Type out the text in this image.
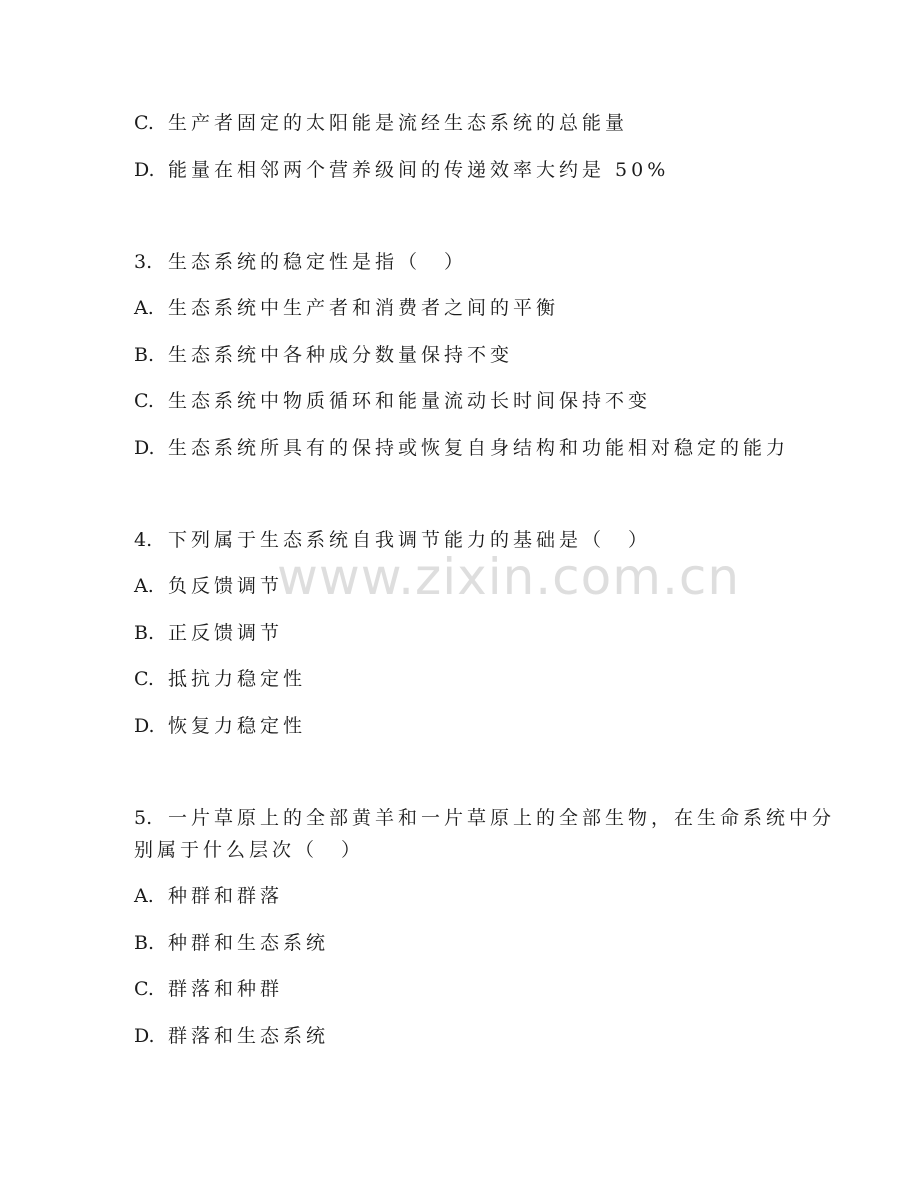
C. 生产者固定的太阳能是流经生态系统的总能量
D. 能量在相邻两个营养级间的传递效率大约是 50%
3. 生态系统的稳定性是指（　）
A. 生态系统中生产者和消费者之间的平衡
B. 生态系统中各种成分数量保持不变
C. 生态系统中物质循环和能量流动长时间保持不变
D. 生态系统所具有的保持或恢复自身结构和功能相对稳定的能力
4. 下列属于生态系统自我调节能力的基础是（　）
A. 负反馈调节
B. 正反馈调节
C. 抵抗力稳定性
D. 恢复力稳定性
5. 一片草原上的全部黄羊和一片草原上的全部生物，在生命系统中分
别属于什么层次（　）
A. 种群和群落
B. 种群和生态系统
C. 群落和种群
D. 群落和生态系统
www.zixin.com.cn
